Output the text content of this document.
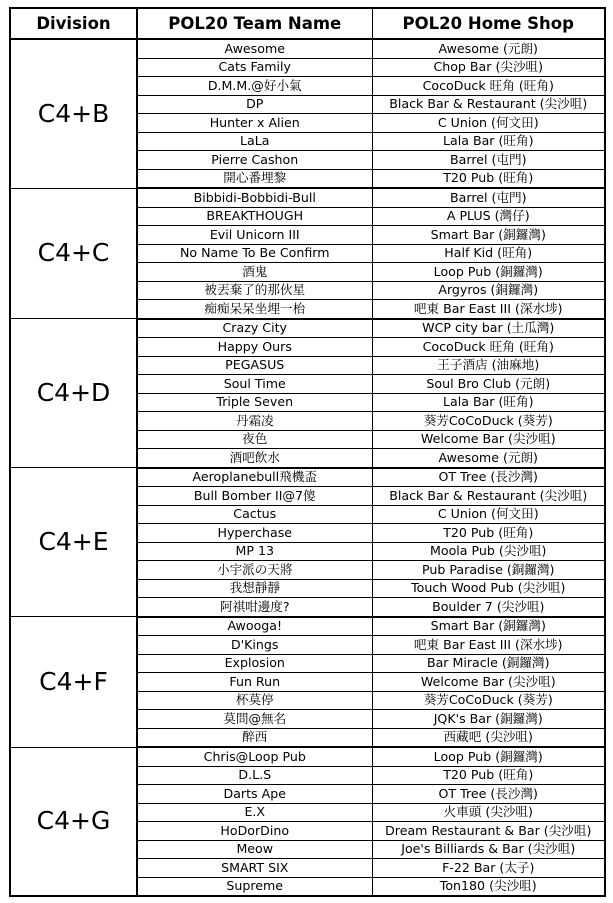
Division	POL20 Team Name	POL20 Home Shop
C4+B	Awesome	Awesome (元朗)
	Cats Family	Chop Bar (尖沙咀)
	D.M.M.@好小氣	CocoDuck 旺角 (旺角)
	DP	Black Bar & Restaurant (尖沙咀)
	Hunter x Alien	C Union (何文田)
	LaLa	Lala Bar (旺角)
	Pierre Cashon	Barrel (屯門)
	開心番埋黎	T20 Pub (旺角)
C4+C	Bibbidi-Bobbidi-Bull	Barrel (屯門)
	BREAKTHOUGH	A PLUS (灣仔)
	Evil Unicorn III	Smart Bar (銅鑼灣)
	No Name To Be Confirm	Half Kid (旺角)
	酒鬼	Loop Pub (銅鑼灣)
	被丟棄了的那伙星	Argyros (銅鑼灣)
	痴痴呆呆坐埋一枱	吧東 Bar East III (深水埗)
C4+D	Crazy City	WCP city bar (土瓜灣)
	Happy Ours	CocoDuck 旺角 (旺角)
	PEGASUS	王子酒店 (油麻地)
	Soul Time	Soul Bro Club (元朗)
	Triple Seven	Lala Bar (旺角)
	丹霜凌	葵芳CoCoDuck (葵芳)
	夜色	Welcome Bar (尖沙咀)
	酒吧飲水	Awesome (元朗)
C4+E	Aeroplanebull飛機盃	OT Tree (長沙灣)
	Bull Bomber II@7傻	Black Bar & Restaurant (尖沙咀)
	Cactus	C Union (何文田)
	Hyperchase	T20 Pub (旺角)
	MP 13	Moola Pub (尖沙咀)
	小宇派の天將	Pub Paradise (銅鑼灣)
	我想靜靜	Touch Wood Pub (尖沙咀)
	阿祺咁邊度?	Boulder 7 (尖沙咀)
C4+F	Awooga!	Smart Bar (銅鑼灣)
	D'Kings	吧東 Bar East III (深水埗)
	Explosion	Bar Miracle (銅鑼灣)
	Fun Run	Welcome Bar (尖沙咀)
	杯莫停	葵芳CoCoDuck (葵芳)
	莫問@無名	JQK's Bar (銅鑼灣)
	醉西	西藏吧 (尖沙咀)
C4+G	Chris@Loop Pub	Loop Pub (銅鑼灣)
	D.L.S	T20 Pub (旺角)
	Darts Ape	OT Tree (長沙灣)
	E.X	火車頭 (尖沙咀)
	HoDorDino	Dream Restaurant & Bar (尖沙咀)
	Meow	Joe's Billiards & Bar (尖沙咀)
	SMART SIX	F-22 Bar (太子)
	Supreme	Ton180 (尖沙咀)
